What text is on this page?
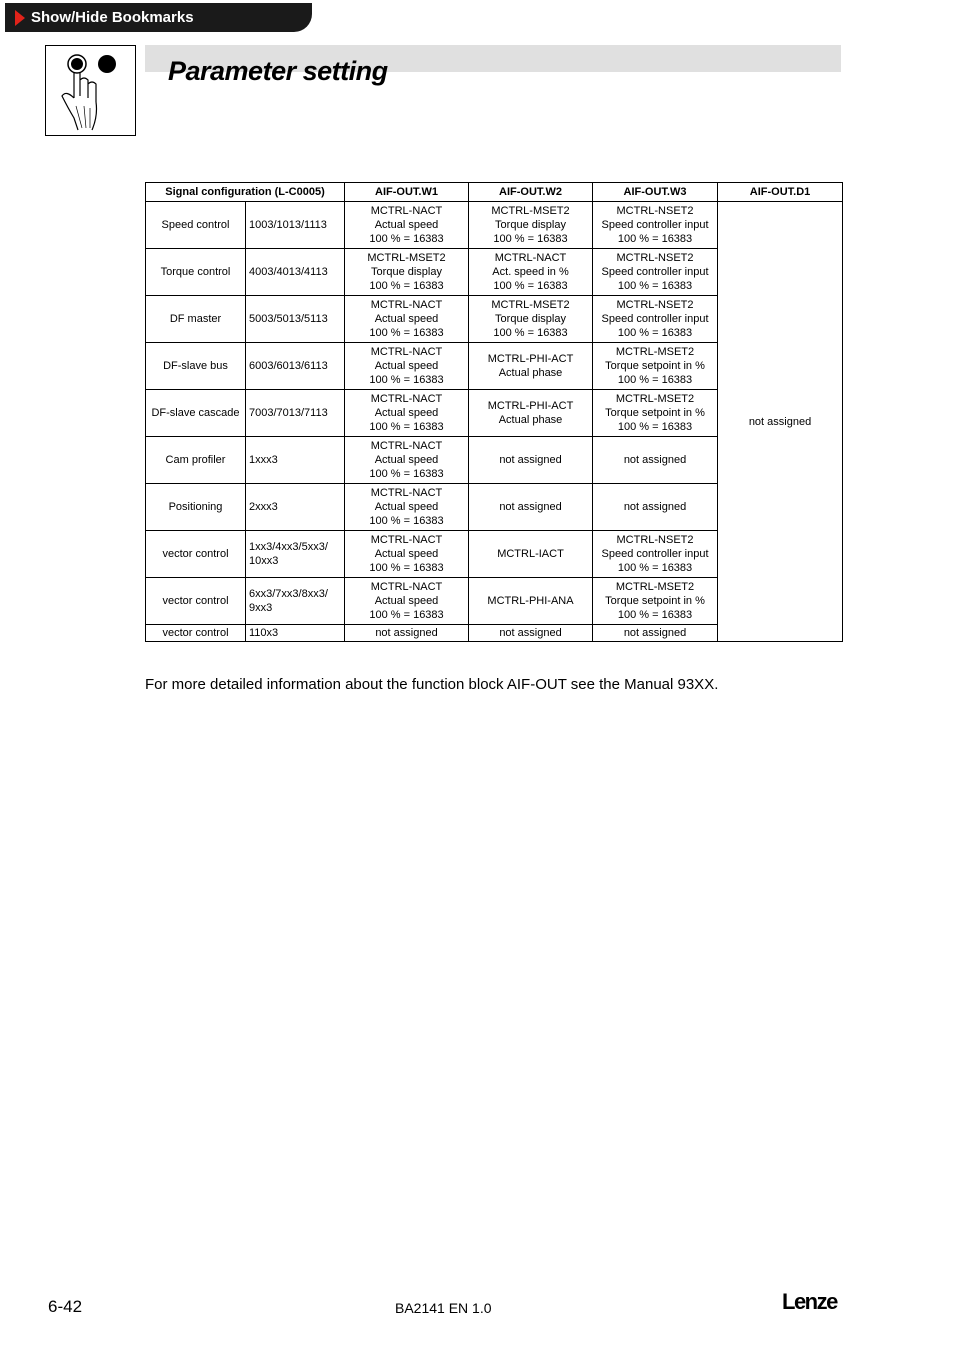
Show/Hide Bookmarks
Parameter setting
Signal configuration (L-C0005)		AIF-OUT.W1	AIF-OUT.W2	AIF-OUT.W3	AIF-OUT.D1
Speed control	1003/1013/1113	MCTRL-NACT
Actual speed
100 % = 16383	MCTRL-MSET2
Torque display
100 % = 16383	MCTRL-NSET2
Speed controller input
100 % = 16383	not assigned
Torque control	4003/4013/4113	MCTRL-MSET2
Torque display
100 % = 16383	MCTRL-NACT
Act. speed in %
100 % = 16383	MCTRL-NSET2
Speed controller input
100 % = 16383	

DF master	5003/5013/5113	MCTRL-NACT
Actual speed
100 % = 16383	MCTRL-MSET2
Torque display
100 % = 16383	MCTRL-NSET2
Speed controller input
100 % = 16383	

DF-slave bus	6003/6013/6113	MCTRL-NACT
Actual speed
100 % = 16383	MCTRL-PHI-ACT
Actual phase	MCTRL-MSET2
Torque setpoint in %
100 % = 16383	

DF-slave cascade	7003/7013/7113	MCTRL-NACT
Actual speed
100 % = 16383	MCTRL-PHI-ACT
Actual phase	MCTRL-MSET2
Torque setpoint in %
100 % = 16383	

Cam profiler	1xxx3	MCTRL-NACT
Actual speed
100 % = 16383	not assigned	not assigned	

Positioning	2xxx3	MCTRL-NACT
Actual speed
100 % = 16383	not assigned	not assigned	

vector control	1xx3/4xx3/5xx3/
10xx3	MCTRL-NACT
Actual speed
100 % = 16383	MCTRL-IACT	MCTRL-NSET2
Speed controller input
100 % = 16383	

vector control	6xx3/7xx3/8xx3/
9xx3	MCTRL-NACT
Actual speed
100 % = 16383	MCTRL-PHI-ANA	MCTRL-MSET2
Torque setpoint in %
100 % = 16383	

vector control	110x3	not assigned	not assigned	not assigned	

For more detailed information about the function block AIF-OUT see the Manual 93XX.

6-42	BA2141 EN 1.0	Lenze
